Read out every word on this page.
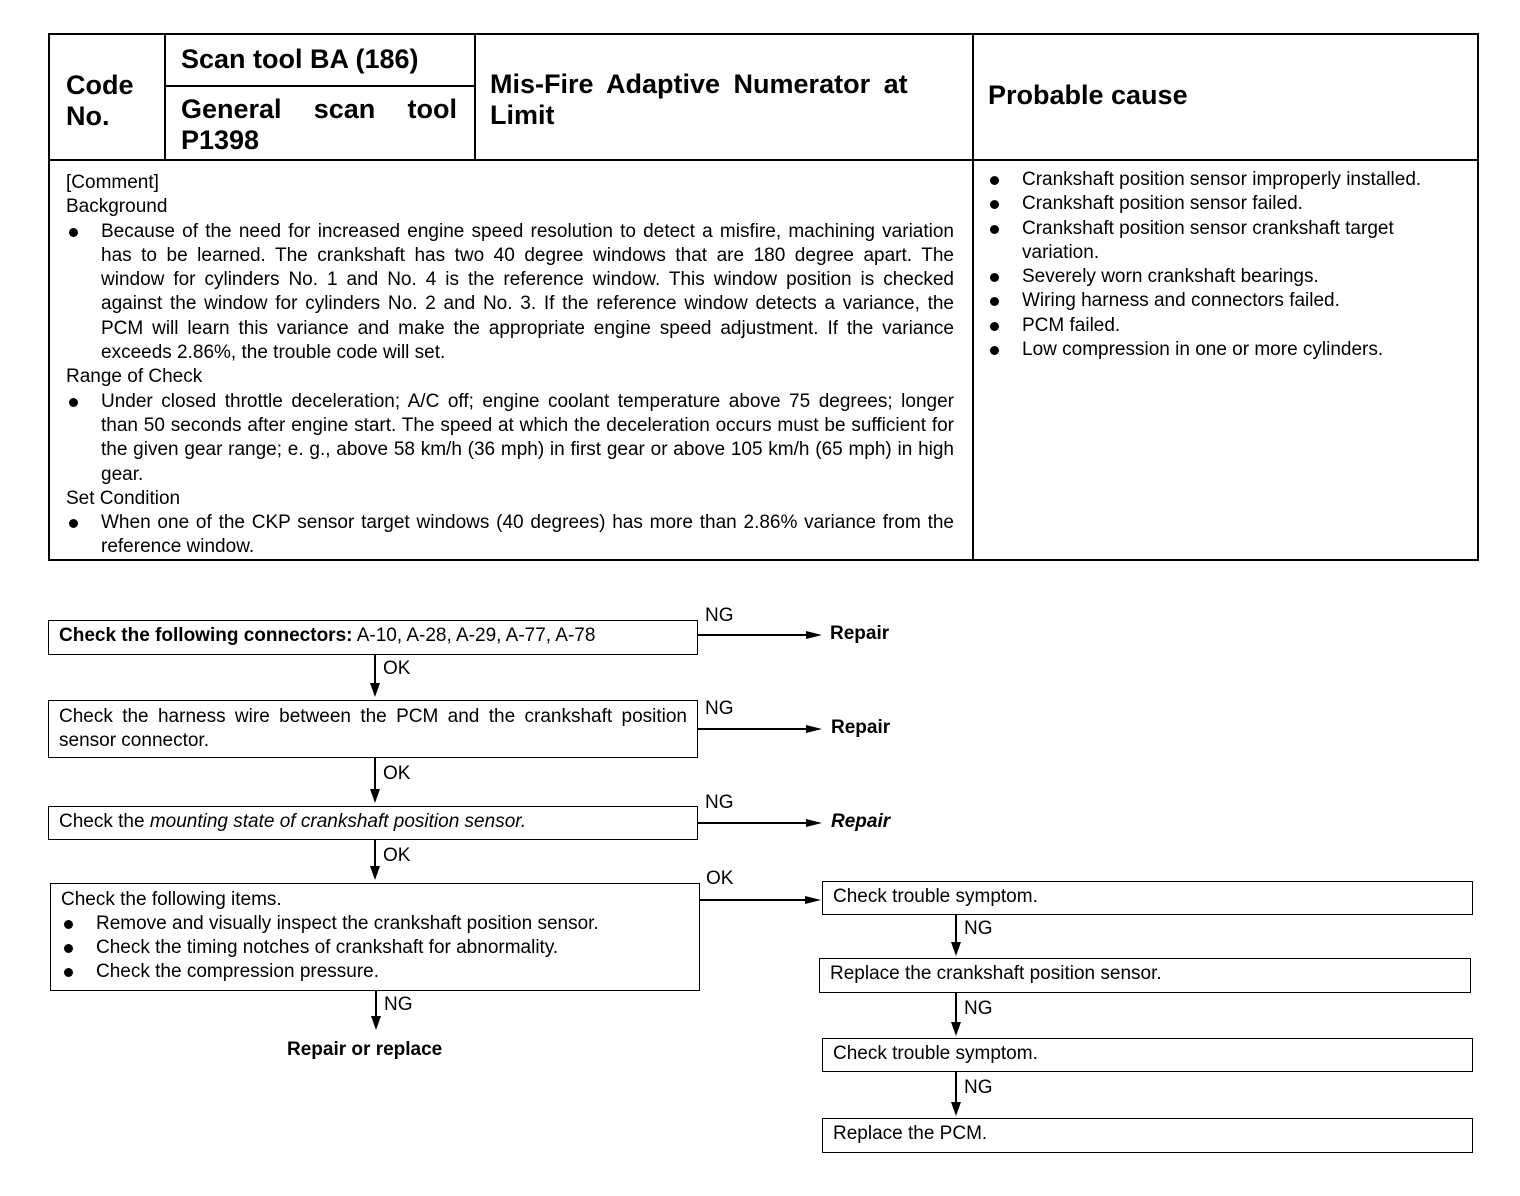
Code No.
Scan tool BA (186)
General scan tool P1398
Mis-Fire Adaptive Numerator at Limit
Probable cause
[Comment]
Background
Because of the need for increased engine speed resolution to detect a misfire, machining variation has to be learned. The crankshaft has two 40 degree windows that are 180 degree apart. The window for cylinders No. 1 and No. 4 is the reference window. This window position is checked against the window for cylinders No. 2 and No. 3. If the reference window detects a variance, the PCM will learn this variance and make the appropriate engine speed adjustment. If the variance exceeds 2.86%, the trouble code will set.
Range of Check
Under closed throttle deceleration; A/C off; engine coolant temperature above 75 degrees; longer than 50 seconds after engine start. The speed at which the deceleration occurs must be sufficient for the given gear range; e. g., above 58 km/h (36 mph) in first gear or above 105 km/h (65 mph) in high gear.
Set Condition
When one of the CKP sensor target windows (40 degrees) has more than 2.86% variance from the reference window.
Crankshaft position sensor improperly installed.
Crankshaft position sensor failed.
Crankshaft position sensor crankshaft target variation.
Severely worn crankshaft bearings.
Wiring harness and connectors failed.
PCM failed.
Low compression in one or more cylinders.
Check the following connectors: A-10, A-28, A-29, A-77, A-78
Check the harness wire between the PCM and the crankshaft position sensor connector.
Check the mounting state of crankshaft position sensor.
Check the following items.
Remove and visually inspect the crankshaft position sensor.
Check the timing notches of crankshaft for abnormality.
Check the compression pressure.
OK
OK
OK
NG
Repair or replace
NG
Repair
NG
Repair
NG
Repair
OK
Check trouble symptom.
Replace the crankshaft position sensor.
Check trouble symptom.
Replace the PCM.
NG
NG
NG
